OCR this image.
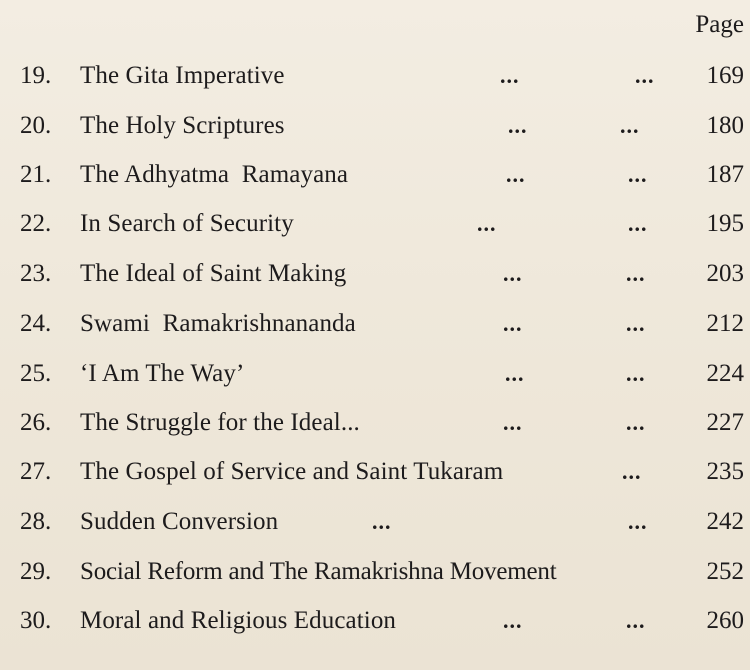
Page
19. The Gita Imperative	...	... 169
20. The Holy Scriptures	...	...	180
21. The Adhyatma  Ramayana	...	... 187
22. In Search of Security	...	... 195
23. The Ideal of Saint Making	...	... 203
24. Swami  Ramakrishnananda	...	... 212
25. ‘I Am The Way’	...	... 224
26. The Struggle for the Ideal...	...	... 227
27. The Gospel of Service and Saint Tukaram	...	235
28. Sudden Conversion	...	... 242
29. Social Reform and The Ramakrishna Movement	252
30. Moral and Religious Education	...	... 260
